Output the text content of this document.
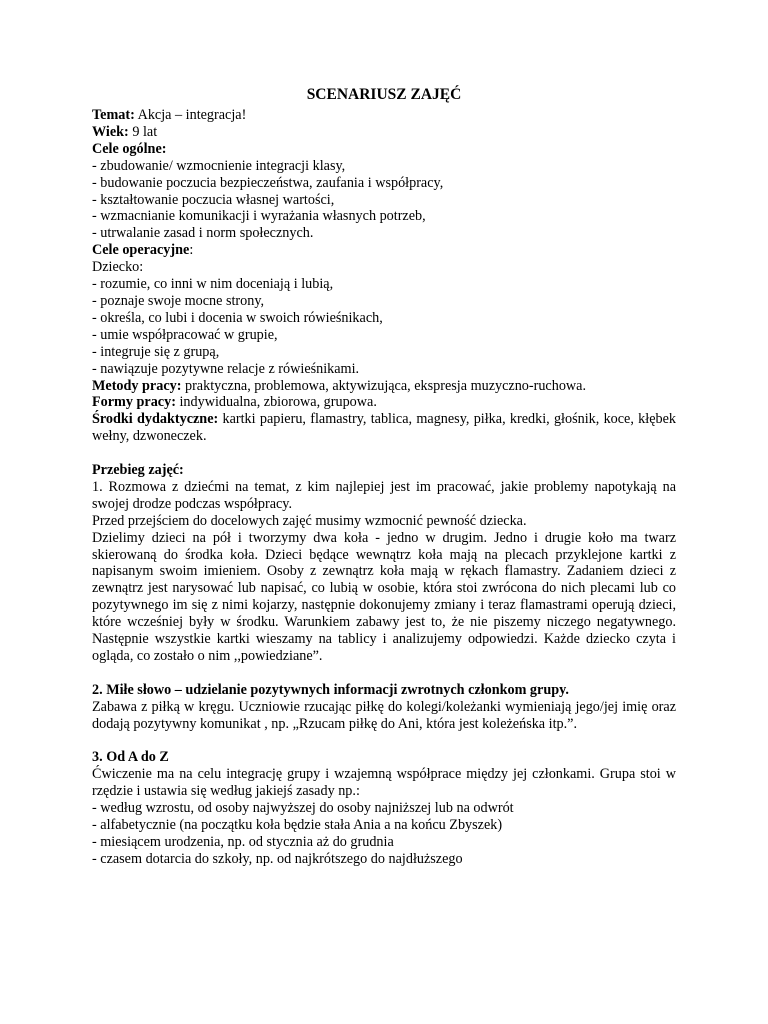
SCENARIUSZ ZAJĘĆ
Temat: Akcja – integracja!
Wiek: 9 lat
Cele ogólne:
- zbudowanie/ wzmocnienie integracji klasy,
- budowanie poczucia bezpieczeństwa, zaufania i współpracy,
- kształtowanie poczucia własnej wartości,
- wzmacnianie komunikacji i wyrażania własnych potrzeb,
- utrwalanie zasad i norm społecznych.
Cele operacyjne:
Dziecko:
- rozumie, co inni w nim doceniają i lubią,
- poznaje swoje mocne strony,
- określa, co lubi i docenia w swoich rówieśnikach,
- umie współpracować w grupie,
- integruje się z grupą,
- nawiązuje pozytywne relacje z rówieśnikami.
Metody pracy: praktyczna, problemowa, aktywizująca, ekspresja muzyczno-ruchowa.
Formy pracy: indywidualna, zbiorowa, grupowa.
Środki dydaktyczne: kartki papieru, flamastry, tablica, magnesy, piłka, kredki, głośnik, koce, kłębek wełny, dzwoneczek.
Przebieg zajęć:
1. Rozmowa z dziećmi na temat, z kim najlepiej jest im pracować, jakie problemy napotykają na swojej drodze podczas współpracy.
Przed przejściem do docelowych zajęć musimy wzmocnić pewność dziecka.
Dzielimy dzieci na pół i tworzymy dwa koła - jedno w drugim. Jedno i drugie koło ma twarz skierowaną do środka koła. Dzieci będące wewnątrz koła mają na plecach przyklejone kartki z napisanym swoim imieniem. Osoby z zewnątrz koła mają w rękach flamastry. Zadaniem dzieci z zewnątrz jest narysować lub napisać, co lubią w osobie, która stoi zwrócona do nich plecami lub co pozytywnego im się z nimi kojarzy, następnie dokonujemy zmiany i teraz flamastrami operują dzieci, które wcześniej były w środku. Warunkiem zabawy jest to, że nie piszemy niczego negatywnego. Następnie wszystkie kartki wieszamy na tablicy i analizujemy odpowiedzi. Każde dziecko czyta i ogląda, co zostało o nim ,,powiedziane”.
2. Miłe słowo – udzielanie pozytywnych informacji zwrotnych członkom grupy.
Zabawa z piłką w kręgu. Uczniowie rzucając piłkę do kolegi/koleżanki wymieniają jego/jej imię oraz dodają pozytywny komunikat , np. „Rzucam piłkę do Ani, która jest koleżeńska itp.”.
3. Od A do Z
Ćwiczenie ma na celu integrację grupy i wzajemną współprace między jej członkami. Grupa stoi w rzędzie i ustawia się według jakiejś zasady np.:
- według wzrostu, od osoby najwyższej do osoby najniższej lub na odwrót
- alfabetycznie (na początku koła będzie stała Ania a na końcu Zbyszek)
- miesiącem urodzenia, np. od stycznia aż do grudnia
- czasem dotarcia do szkoły, np. od najkrótszego do najdłuższego
